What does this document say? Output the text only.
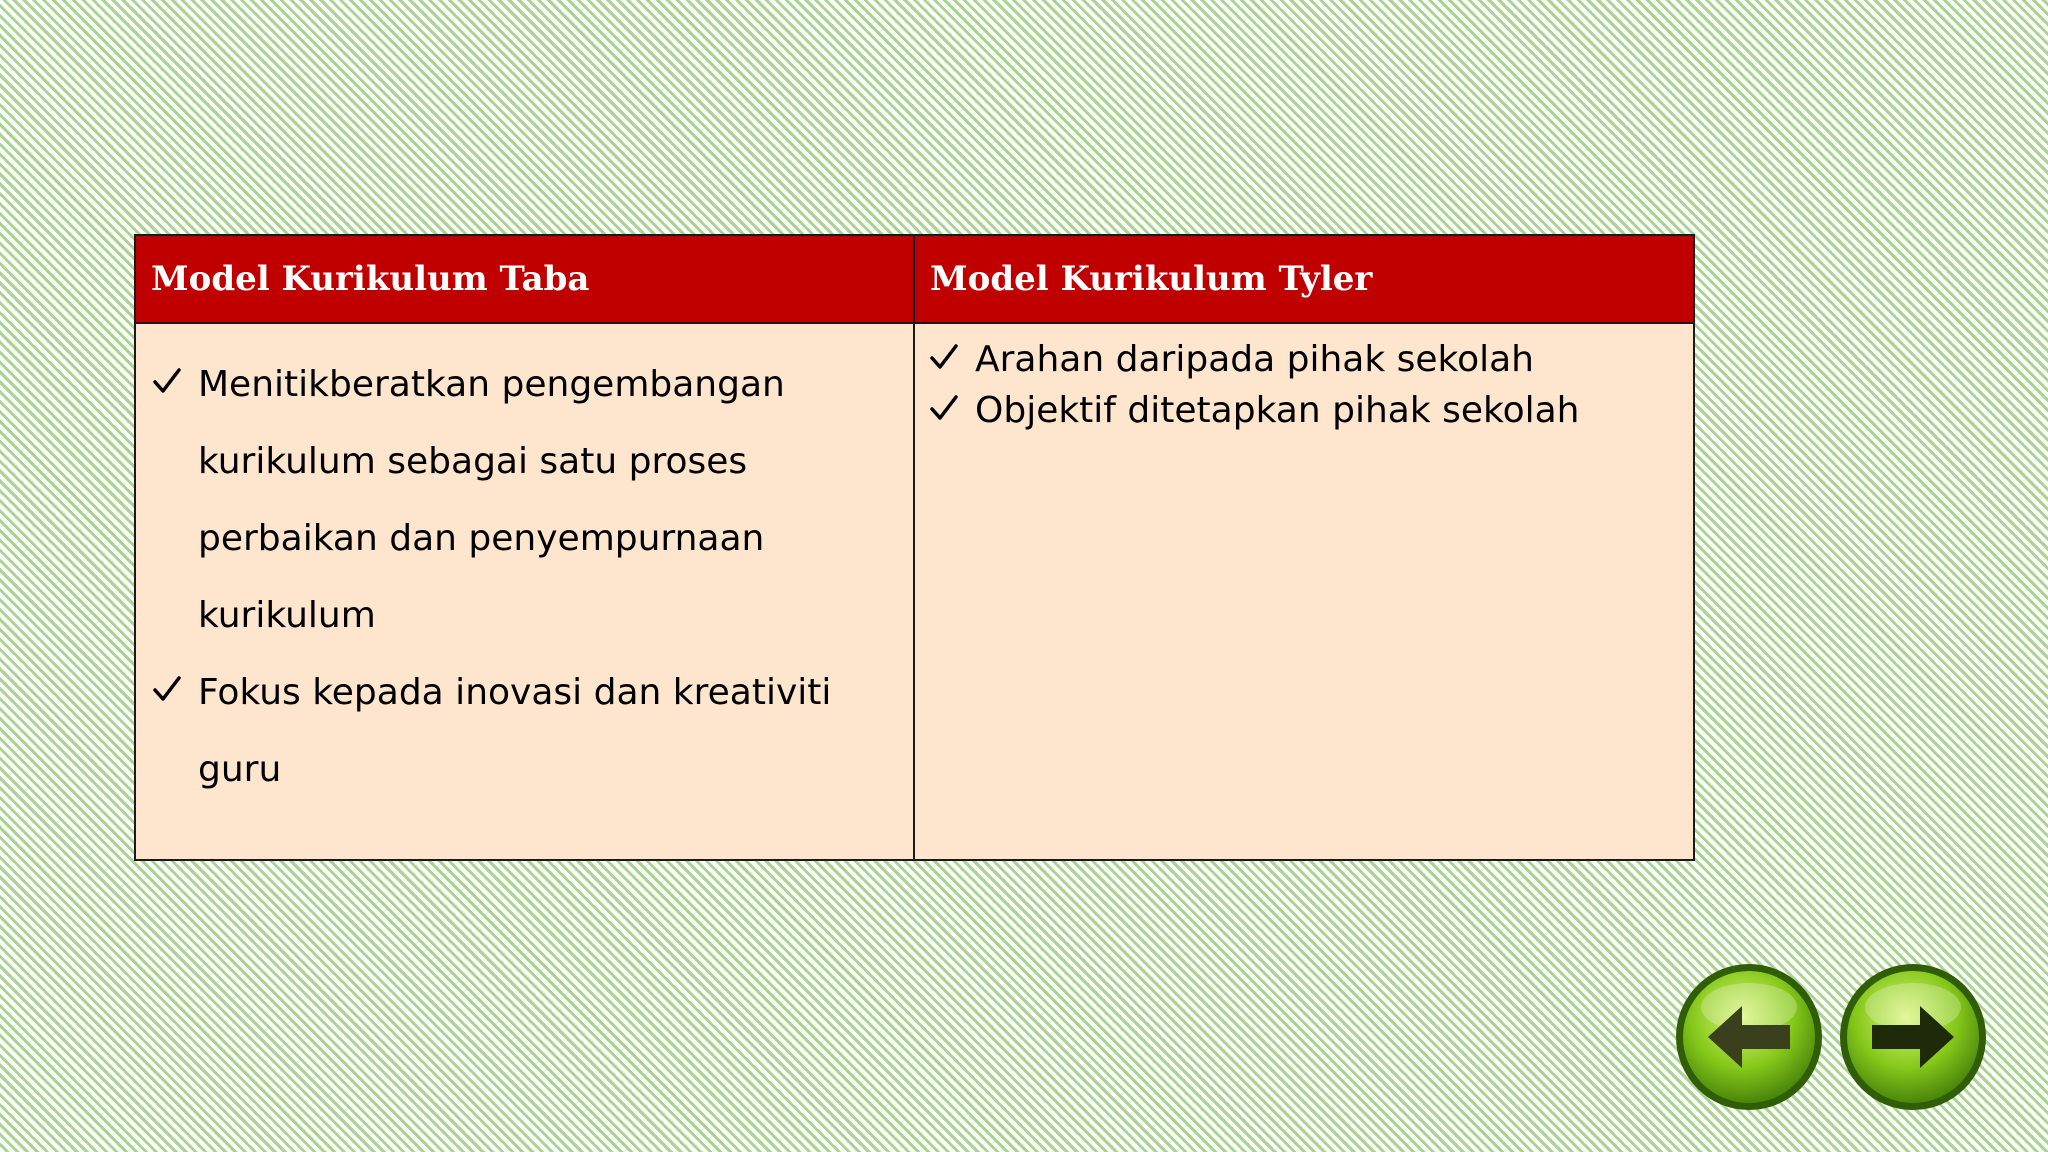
Model Kurikulum Taba	Model Kurikulum Tyler
Menitikberatkan pengembangan kurikulum sebagai satu proses perbaikan dan penyempurnaan kurikulum
Fokus kepada inovasi dan kreativiti guru
Arahan daripada pihak sekolah
Objektif ditetapkan pihak sekolah
